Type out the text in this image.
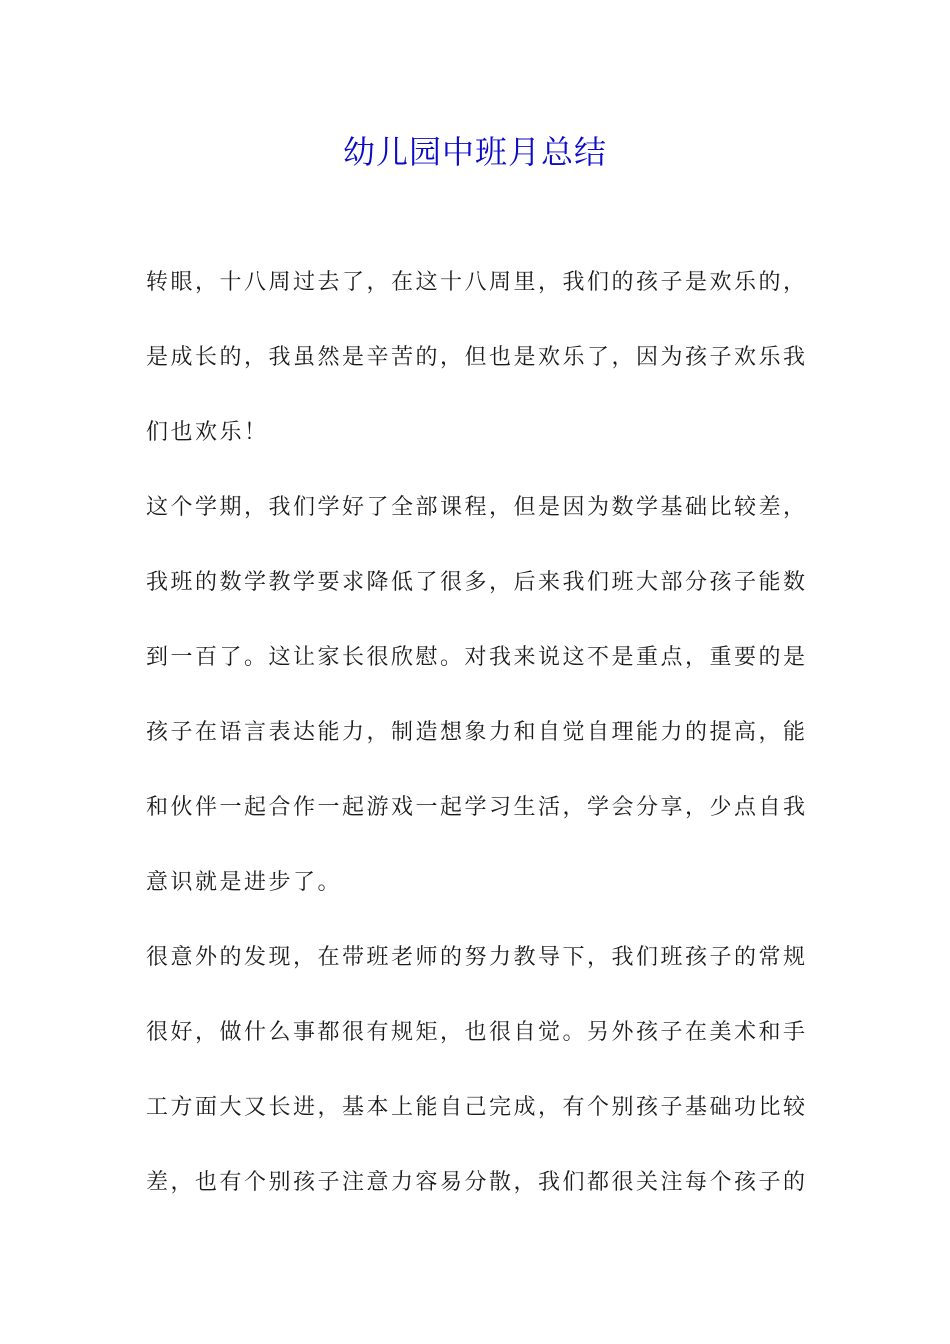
幼儿园中班月总结
转眼，十八周过去了，在这十八周里，我们的孩子是欢乐的，
是成长的，我虽然是辛苦的，但也是欢乐了，因为孩子欢乐我
们也欢乐！
这个学期，我们学好了全部课程，但是因为数学基础比较差，
我班的数学教学要求降低了很多，后来我们班大部分孩子能数
到一百了。这让家长很欣慰。对我来说这不是重点，重要的是
孩子在语言表达能力，制造想象力和自觉自理能力的提高，能
和伙伴一起合作一起游戏一起学习生活，学会分享，少点自我
意识就是进步了。
很意外的发现，在带班老师的努力教导下，我们班孩子的常规
很好，做什么事都很有规矩，也很自觉。另外孩子在美术和手
工方面大又长进，基本上能自己完成，有个别孩子基础功比较
差，也有个别孩子注意力容易分散，我们都很关注每个孩子的
